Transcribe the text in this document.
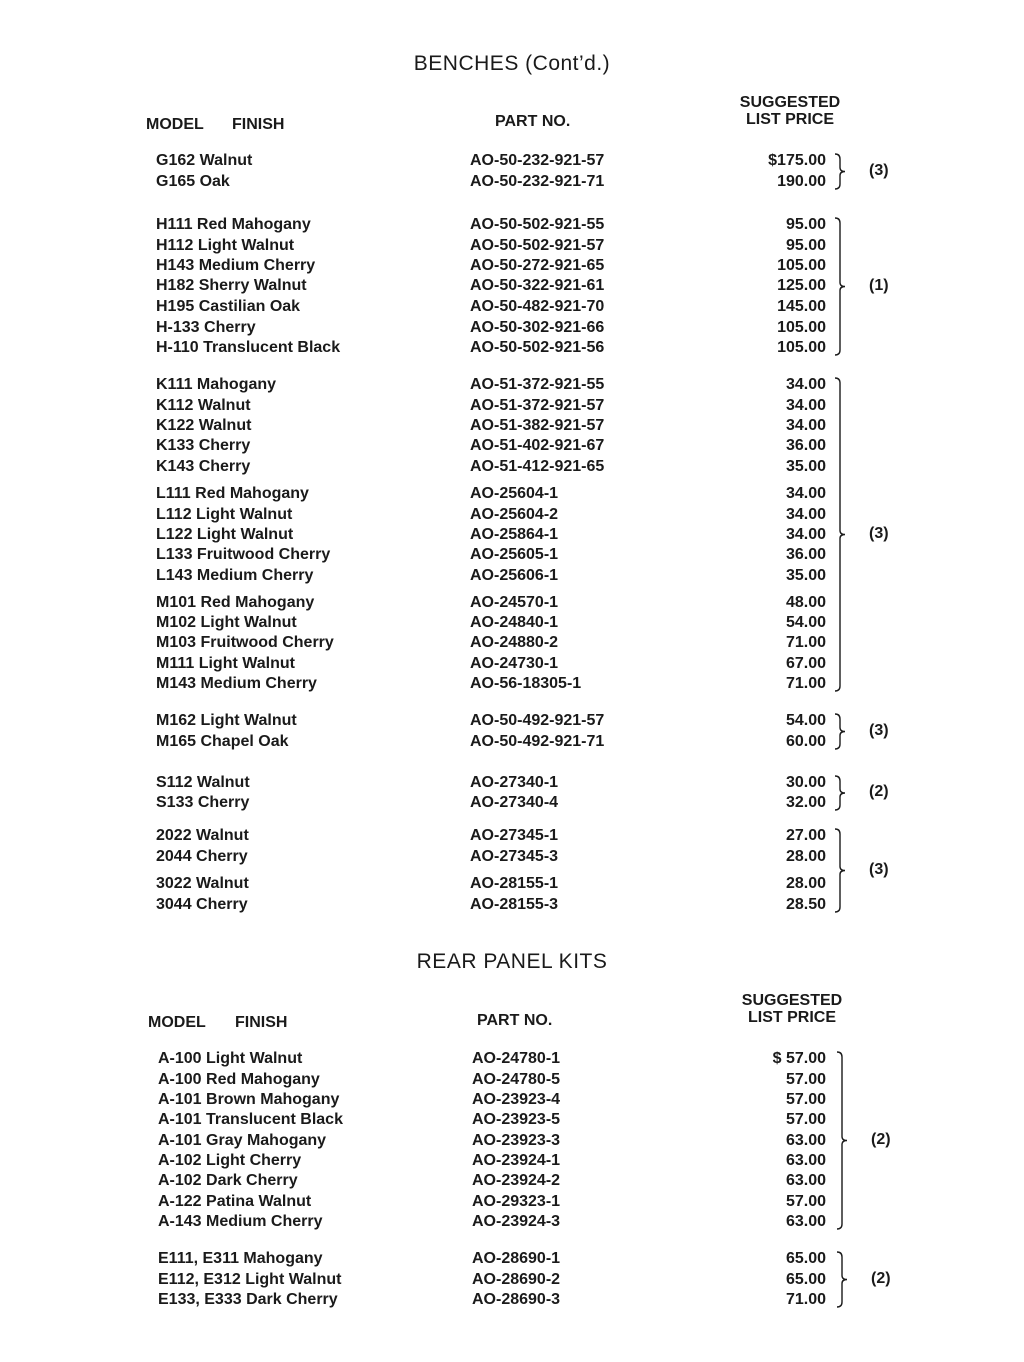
BENCHES (Cont’d.)
MODEL FINISH	PART NO.
SUGGESTED
LIST PRICE
G162 Walnut	AO-50-232-921-57	$175.00
G165 Oak	AO-50-232-921-71	190.00
(3)
H111 Red Mahogany	AO-50-502-921-55	95.00
H112 Light Walnut	AO-50-502-921-57	95.00
H143 Medium Cherry	AO-50-272-921-65	105.00
H182 Sherry Walnut	AO-50-322-921-61	125.00
H195 Castilian Oak	AO-50-482-921-70	145.00
H-133 Cherry	AO-50-302-921-66	105.00
H-110 Translucent Black	AO-50-502-921-56	105.00
(1)
K111 Mahogany	AO-51-372-921-55	34.00
K112 Walnut	AO-51-372-921-57	34.00
K122 Walnut	AO-51-382-921-57	34.00
K133 Cherry	AO-51-402-921-67	36.00
K143 Cherry	AO-51-412-921-65	35.00
L111 Red Mahogany	AO-25604-1	34.00
L112 Light Walnut	AO-25604-2	34.00
L122 Light Walnut	AO-25864-1	34.00
L133 Fruitwood Cherry	AO-25605-1	36.00
L143 Medium Cherry	AO-25606-1	35.00
M101 Red Mahogany	AO-24570-1	48.00
M102 Light Walnut	AO-24840-1	54.00
M103 Fruitwood Cherry	AO-24880-2	71.00
M111 Light Walnut	AO-24730-1	67.00
M143 Medium Cherry	AO-56-18305-1	71.00
(3)
M162 Light Walnut	AO-50-492-921-57	54.00
M165 Chapel Oak	AO-50-492-921-71	60.00
(3)
S112 Walnut	AO-27340-1	30.00
S133 Cherry	AO-27340-4	32.00
(2)
2022 Walnut	AO-27345-1	27.00
2044 Cherry	AO-27345-3	28.00
3022 Walnut	AO-28155-1	28.00
3044 Cherry	AO-28155-3	28.50
(3)
REAR PANEL KITS
MODEL FINISH	PART NO.
SUGGESTED
LIST PRICE
A-100 Light Walnut	AO-24780-1	$ 57.00
A-100 Red Mahogany	AO-24780-5	57.00
A-101 Brown Mahogany	AO-23923-4	57.00
A-101 Translucent Black	AO-23923-5	57.00
A-101 Gray Mahogany	AO-23923-3	63.00
A-102 Light Cherry	AO-23924-1	63.00
A-102 Dark Cherry	AO-23924-2	63.00
A-122 Patina Walnut	AO-29323-1	57.00
A-143 Medium Cherry	AO-23924-3	63.00
(2)
E111, E311 Mahogany	AO-28690-1	65.00
E112, E312 Light Walnut	AO-28690-2	65.00
E133, E333 Dark Cherry	AO-28690-3	71.00
(2)
